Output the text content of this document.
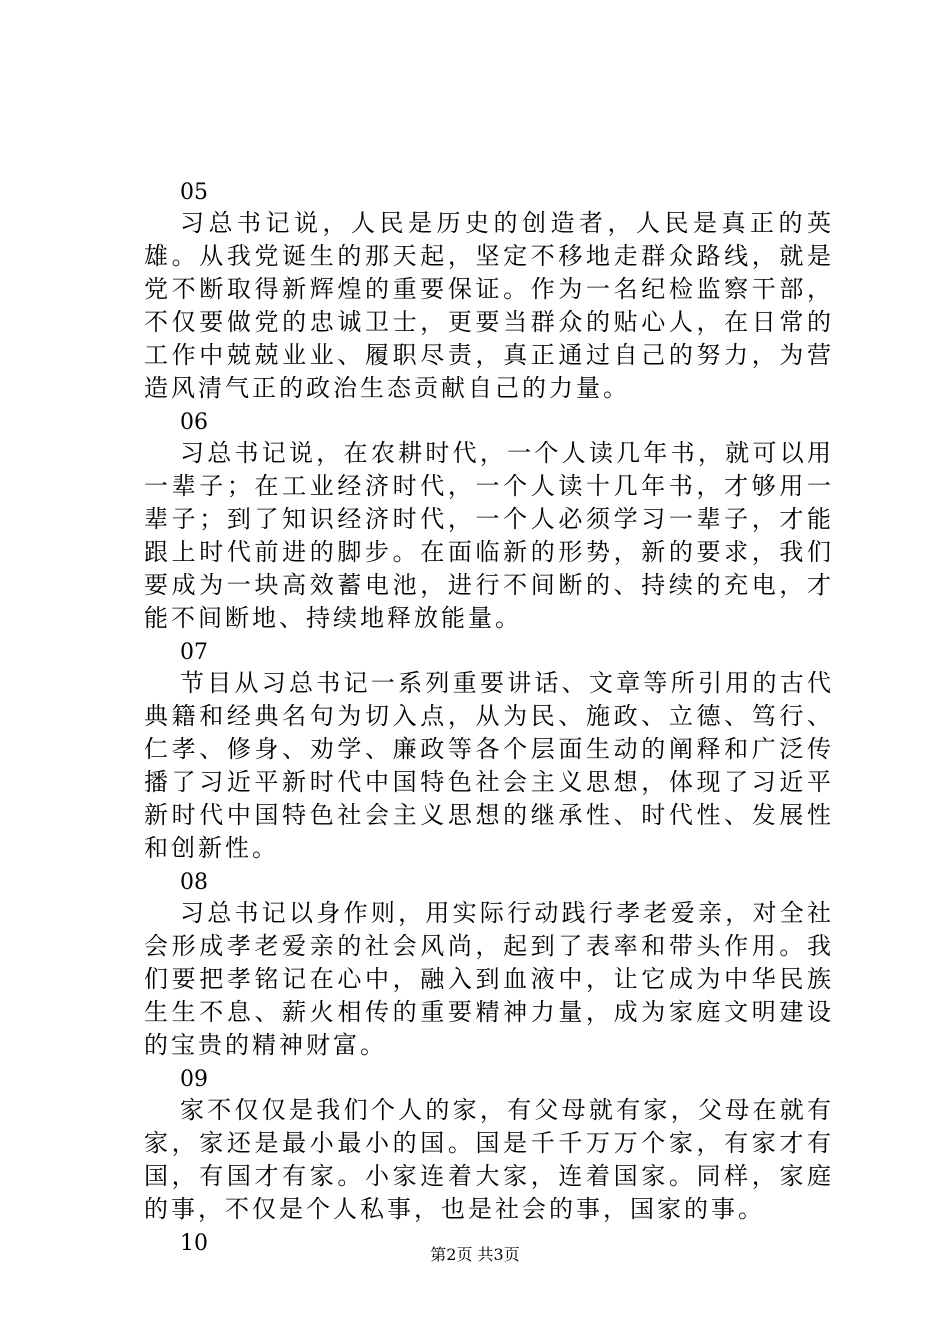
05

习总书记说，人民是历史的创造者，人民是真正的英雄。从我党诞生的那天起，坚定不移地走群众路线，就是党不断取得新辉煌的重要保证。作为一名纪检监察干部，不仅要做党的忠诚卫士，更要当群众的贴心人，在日常的工作中兢兢业业、履职尽责，真正通过自己的努力，为营造风清气正的政治生态贡献自己的力量。

06

习总书记说，在农耕时代，一个人读几年书，就可以用一辈子；在工业经济时代，一个人读十几年书，才够用一辈子；到了知识经济时代，一个人必须学习一辈子，才能跟上时代前进的脚步。在面临新的形势，新的要求，我们要成为一块高效蓄电池，进行不间断的、持续的充电，才能不间断地、持续地释放能量。

07

节目从习总书记一系列重要讲话、文章等所引用的古代典籍和经典名句为切入点，从为民、施政、立德、笃行、仁孝、修身、劝学、廉政等各个层面生动的阐释和广泛传播了习近平新时代中国特色社会主义思想，体现了习近平新时代中国特色社会主义思想的继承性、时代性、发展性和创新性。

08

习总书记以身作则，用实际行动践行孝老爱亲，对全社会形成孝老爱亲的社会风尚，起到了表率和带头作用。我们要把孝铭记在心中，融入到血液中，让它成为中华民族生生不息、薪火相传的重要精神力量，成为家庭文明建设的宝贵的精神财富。

09

家不仅仅是我们个人的家，有父母就有家，父母在就有家，家还是最小最小的国。国是千千万万个家，有家才有国，有国才有家。小家连着大家，连着国家。同样，家庭的事，不仅是个人私事，也是社会的事，国家的事。

10	第2页 共3页
